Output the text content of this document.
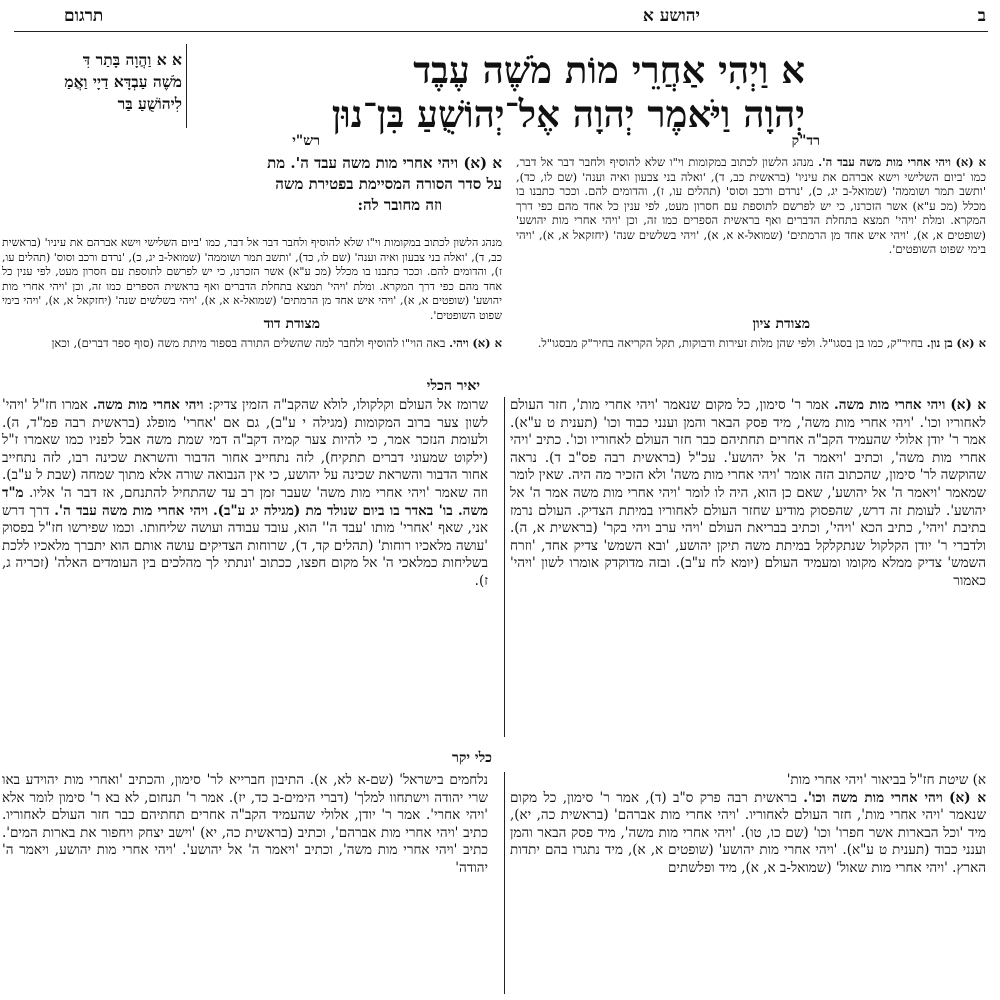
ב
יהושע א
תרגום
א וַיְהִי אַחֲרֵי מוֹת מֹשֶׁה עֶבֶד
יְהוָה וַיֹּאמֶר יְהוָה אֶל־יְהוֹשֻׁעַ בִּן־נוּן
א א וַהֲוָה בָּתַר דִּ
מֹשֶׁה עַבְדָּא דַיָי וַאֲמַ
לִיהוֹשֻׁעַ בַּר
רד"ק
א (א) ויהי אחרי מות משה עבד ה'. מנהג הלשון לכתוב במקומות וי"ו שלא להוסיף ולחבר דבר אל דבר, כמו 'ביום השלישי וישא אברהם את עיניו' (בראשית כב, ד), 'ואלה בני צבעון ואיה וענה' (שם לו, כד), 'ותשב תמר ושוממה' (שמואל-ב יג, כ), 'נרדם ורכב וסוס' (תהלים עו, ז), והדומים להם. וככר כתבנו בו מכלל (מכ ע"א) אשר הזכרנו, כי יש לפרשם לתוספת עם חסרון מעט, לפי ענין כל אחד מהם כפי דרך המקרא. ומלת 'ויהי' תמצא בתחלת הדברים ואף בראשית הספרים כמו זה, וכן 'ויהי אחרי מות יהושע' (שופטים א, א), 'ויהי איש אחד מן הרמתים' (שמואל-א א, א), 'ויהי בשלשים שנה' (יחזקאל א, א), 'ויהי בימי שפוט השופטים'.
רש"י
א (א) ויהי אחרי מות משה עבד ה'. מת
על סדר הסורה המסיימת בפטירת משה
וזה מחובר לה:
מנהג הלשון לכתוב במקומות וי"ו שלא להוסיף ולחבר דבר אל דבר, כמו 'ביום השלישי וישא אברהם את עיניו' (בראשית כב, ד), 'ואלה בני צבעון ואיה וענה' (שם לו, כד), 'ותשב תמר ושוממה' (שמואל-ב יג, כ), 'נרדם ורכב וסוס' (תהלים עו, ז), והדומים להם. וככר כתבנו בו מכלל (מכ ע"א) אשר הזכרנו, כי יש לפרשם לתוספת עם חסרון מעט, לפי ענין כל אחד מהם כפי דרך המקרא. ומלת 'ויהי' תמצא בתחלת הדברים ואף בראשית הספרים כמו זה, וכן 'ויהי אחרי מות יהושע' (שופטים א, א), 'ויהי איש אחד מן הרמתים' (שמואל-א א, א), 'ויהי בשלשים שנה' (יחזקאל א, א), 'ויהי בימי שפוט השופטים'.
מצודת ציון
א (א) בן נון. בחיר"ק, כמו בן בסגו"ל. ולפי שהן מלות זעירות ודבוקות, תקל הקריאה בחיר"ק מבסגו"ל.
מצודת דוד
א (א) ויהי. באה הוי"ו להוסיף ולחבר למה שהשלים התורה בספור מיתת משה (סוף ספר דברים), וכאן
יאיר הכלי
א (א) ויהי אחרי מות משה. אמר ר' סימון, כל מקום שנאמר 'ויהי אחרי מות', חזר העולם לאחוריו וכו'. 'ויהי אחרי מות משה', מיד פסק הבאר והמן וענני כבוד וכו' (תענית ט ע"א). אמר ר' יודן אלולי שהעמיד הקב"ה אחרים תחתיהם כבר חזר העולם לאחוריו וכו'. כתיב 'ויהי אחרי מות משה', וכתיב 'ויאמר ה' אל יהושע'. עכ"ל (בראשית רבה פס"ב ד). נראה שהוקשה לר' סימון, שהכתוב הזה אומר 'ויהי אחרי מות משה' ולא הזכיר מה היה. שאין לומר שמאמר 'ויאמר ה' אל יהושע', שאם כן הוא, היה לו לומר 'ויהי אחרי מות משה אמר ה' אל יהושע'. לעומת זה דרש, שהפסוק מודיע שחזר העולם לאחוריו במיתת הצדיק. העולם נרמז בתיבת 'ויהי', כתיב הכא 'ויהי', וכתיב בבריאת העולם 'ויהי ערב ויהי בקר' (בראשית א, ה). ולדברי ר' יודן הקלקול שנתקלקל במיתת משה תיקן יהושע, 'ובא השמש' צדיק אחד, 'וזרח השמש' צדיק ממלא מקומו ומעמיד העולם (יומא לח ע"ב). ובזה מדוקדק אומרו לשון 'ויהי' כאמור
שרומז אל העולם וקלקולו, לולא שהקב"ה הזמין צדיק: ויהי אחרי מות משה. אמרו חז"ל 'ויהי' לשון צער ברוב המקומות (מגילה י ע"ב), גם אם 'אחרי' מופלג (בראשית רבה פמ"ד, ה). ולעומת הנזכר אמר, כי להיות צער קמיה דקב"ה דמי שמת משה אבל לפניו כמו שאמרו ז"ל (ילקוט שמעוני דברים תתקיח), לזה נתחייב אחור הדבור והשראת שכינה רבו, לזה נתחייב אחור הדבור והשראת שכינה על יהושע, כי אין הנבואה שורה אלא מתוך שמחה (שבת ל ע"ב). וזה שאמר 'ויהי אחרי מות משה' שעבר זמן רב עד שהתחיל להתנחם, אז דבר ה' אליו. מ"ד משה. בו' באדר בו ביום שנולד מת (מגילה יג ע"ב). ויהי אחרי מות משה עבד ה'. דרך דרש אני, שאף 'אחרי' מותו 'עבד ה'' הוא, עובד עבודה ועושה שליחותו. וכמו שפירשו חז"ל בפסוק 'עושה מלאכיו רוחות' (תהלים קד, ד), שרוחות הצדיקים עושה אותם הוא יתברך מלאכיו ללכת בשליחות כמלאכי ה' אל מקום חפצו, ככתוב 'ונתתי לך מהלכים בין העומדים האלה' (זכריה ג, ז).
כלי יקר
א) שיטת חז"ל בביאור 'ויהי אחרי מות'
א (א) ויהי אחרי מות משה וכו'. בראשית רבה פרק ס"ב (ד), אמר ר' סימון, כל מקום שנאמר 'ויהי אחרי מות', חזר העולם לאחוריו. 'ויהי אחרי מות אברהם' (בראשית כה, יא), מיד 'וכל הבארות אשר חפרו' וכו' (שם כו, טו). 'ויהי אחרי מות משה', מיד פסק הבאר והמן וענני כבוד (תענית ט ע"א). 'ויהי אחרי מות יהושע' (שופטים א, א), מיד נתגרו בהם יתדות הארץ. 'ויהי אחרי מות שאול' (שמואל-ב א, א), מיד ופלשתים
נלחמים בישראל' (שם-א לא, א). התיבון חברייא לר' סימון, והכתיב 'ואחרי מות יהוידע באו שרי יהודה וישתחוו למלך' (דברי הימים-ב כד, יז). אמר ר' תנחום, לא בא ר' סימון לומר אלא 'ויהי אחרי'. אמר ר' יודן, אלולי שהעמיד הקב"ה אחרים תחתיהם כבר חזר העולם לאחוריו. כתיב 'ויהי אחרי מות אברהם', וכתיב (בראשית כה, יא) 'וישב יצחק ויחפור את בארות המים'. כתיב 'ויהי אחרי מות משה', וכתיב 'ויאמר ה' אל יהושע'. 'ויהי אחרי מות יהושע, ויאמר ה' יהודה'
